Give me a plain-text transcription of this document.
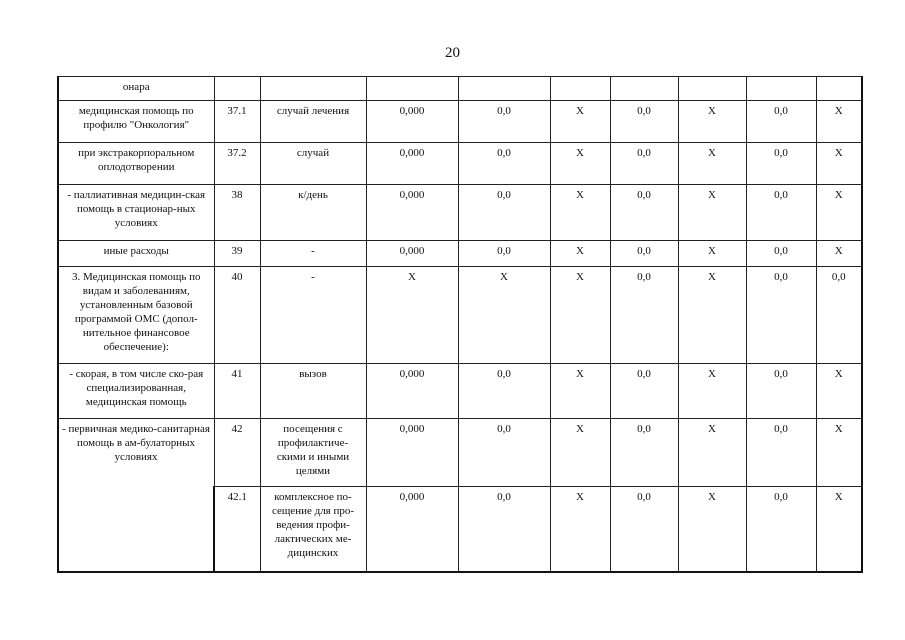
20
онара									
медицинская помощь по профилю "Онкология"	37.1	случай лечения	0,000	0,0	X	0,0	X	0,0	X
при экстракорпоральном оплодотворении	37.2	случай	0,000	0,0	X	0,0	X	0,0	X
- паллиативная медицин-ская помощь в стационар-ных условиях	38	к/день	0,000	0,0	X	0,0	X	0,0	X
иные расходы	39	-	0,000	0,0	X	0,0	X	0,0	X
3. Медицинская помощь по видам и заболеваниям, установленным базовой программой ОМС (допол-нительное финансовое обеспечение):	40	-	X	X	X	0,0	X	0,0	0,0
- скорая, в том числе ско-рая специализированная, медицинская помощь	41	вызов	0,000	0,0	X	0,0	X	0,0	X
- первичная медико-санитарная помощь в ам-булаторных условиях	42	посещения с профилактиче-скими и иными целями	0,000	0,0	X	0,0	X	0,0	X
	42.1	комплексное по-сещение для про-ведения профи-лактических ме-дицинских	0,000	0,0	X	0,0	X	0,0	X
